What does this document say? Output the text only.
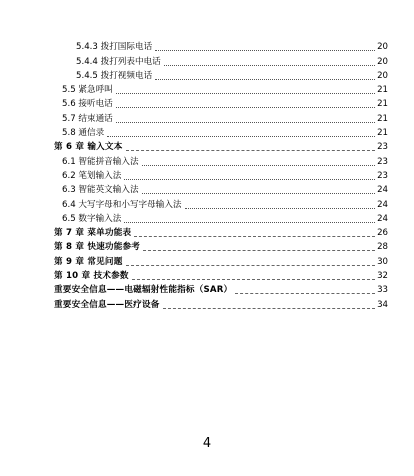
5.4.3 拨打国际电话	20
5.4.4 拨打列表中电话	20
5.4.5 拨打视频电话	20
5.5 紧急呼叫	21
5.6 接听电话	21
5.7 结束通话	21
5.8 通信录	21
第 6 章 输入文本	23
6.1 智能拼音输入法	23
6.2 笔划输入法	23
6.3 智能英文输入法	24
6.4 大写字母和小写字母输入法	24
6.5 数字输入法	24
第 7 章 菜单功能表	26
第 8 章 快速功能参考	28
第 9 章 常见问题	30
第 10 章 技术参数	32
重要安全信息——电磁辐射性能指标（SAR）	33
重要安全信息——医疗设备	34
4
